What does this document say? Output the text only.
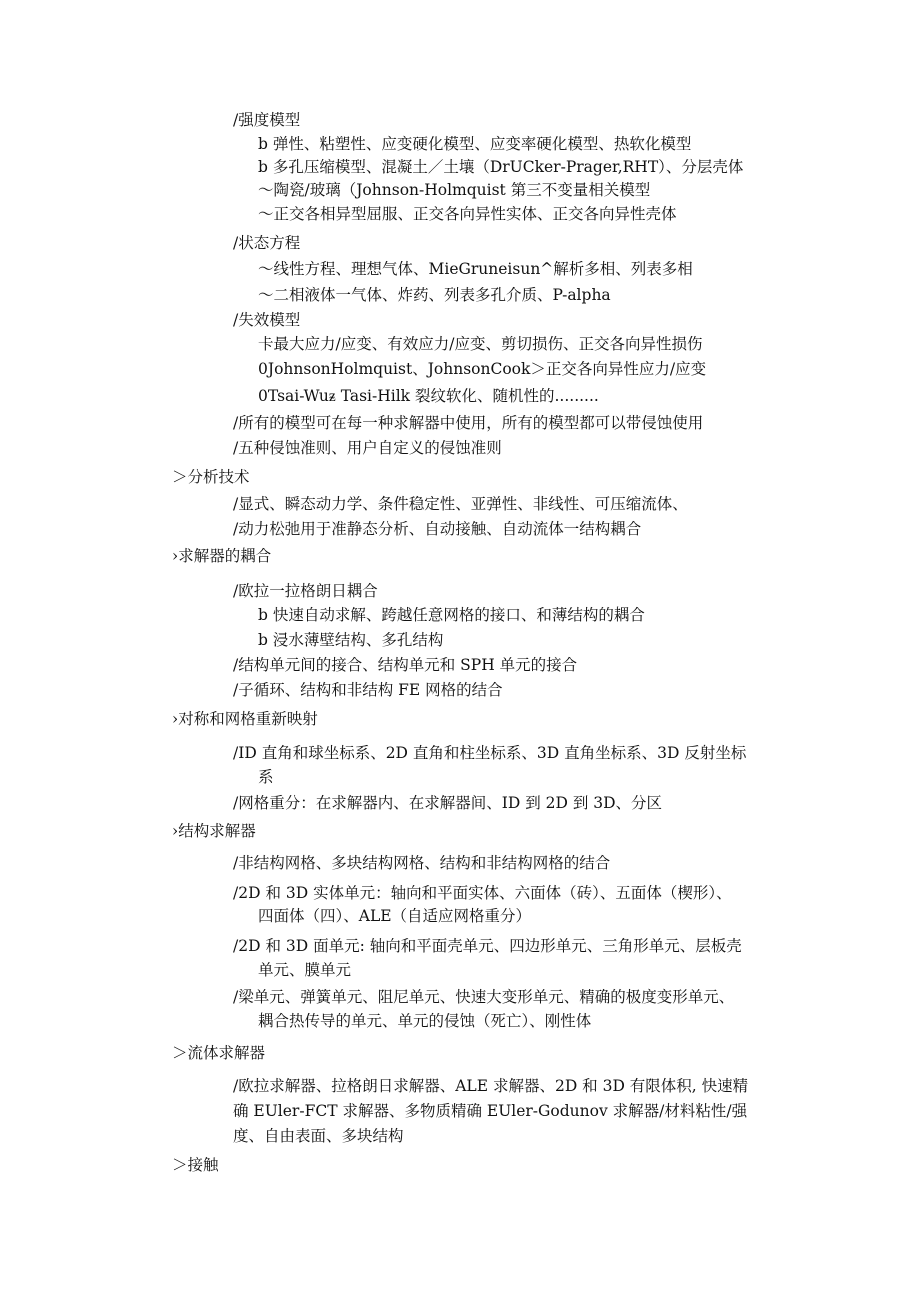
/强度模型
b 弹性、粘塑性、应变硬化模型、应变率硬化模型、热软化模型
b 多孔压缩模型、混凝土／土壤（DrUCker-Prager,RHT）、分层壳体
～陶瓷/玻璃（Johnson-Holmquist 第三不变量相关模型
～正交各相异型屈服、正交各向异性实体、正交各向异性壳体
/状态方程
～线性方程、理想气体、MieGruneisun^解析多相、列表多相
～二相液体一气体、炸药、列表多孔介质、P-alpha
/失效模型
卡最大应力/应变、有效应力/应变、剪切损伤、正交各向异性损伤
0JohnsonHolmquist、JohnsonCook＞正交各向异性应力/应变
0Tsai-Wuᵶ Tasi-Hilk 裂纹软化、随机性的.........
/所有的模型可在每一种求解器中使用，所有的模型都可以带侵蚀使用
/五种侵蚀准则、用户自定义的侵蚀准则
＞分析技术
/显式、瞬态动力学、条件稳定性、亚弹性、非线性、可压缩流体、
/动力松弛用于准静态分析、自动接触、自动流体一结构耦合
›求解器的耦合
/欧拉一拉格朗日耦合
b 快速自动求解、跨越任意网格的接口、和薄结构的耦合
b 浸水薄壁结构、多孔结构
/结构单元间的接合、结构单元和 SPH 单元的接合
/子循环、结构和非结构 FE 网格的结合
›对称和网格重新映射
/ID 直角和球坐标系、2D 直角和柱坐标系、3D 直角坐标系、3D 反射坐标
系
/网格重分：在求解器内、在求解器间、ID 到 2D 到 3D、分区
›结构求解器
/非结构网格、多块结构网格、结构和非结构网格的结合
/2D 和 3D 实体单元：轴向和平面实体、六面体（砖）、五面体（楔形）、
四面体（四）、ALE（自适应网格重分）
/2D 和 3D 面单元: 轴向和平面壳单元、四边形单元、三角形单元、层板壳
单元、膜单元
/梁单元、弹簧单元、阻尼单元、快速大变形单元、精确的极度变形单元、
耦合热传导的单元、单元的侵蚀（死亡）、刚性体
＞流体求解器
/欧拉求解器、拉格朗日求解器、ALE 求解器、2D 和 3D 有限体积, 快速精
确 EUler-FCT 求解器、多物质精确 EUler-Godunov 求解器/材料粘性/强
度、自由表面、多块结构
＞接触
